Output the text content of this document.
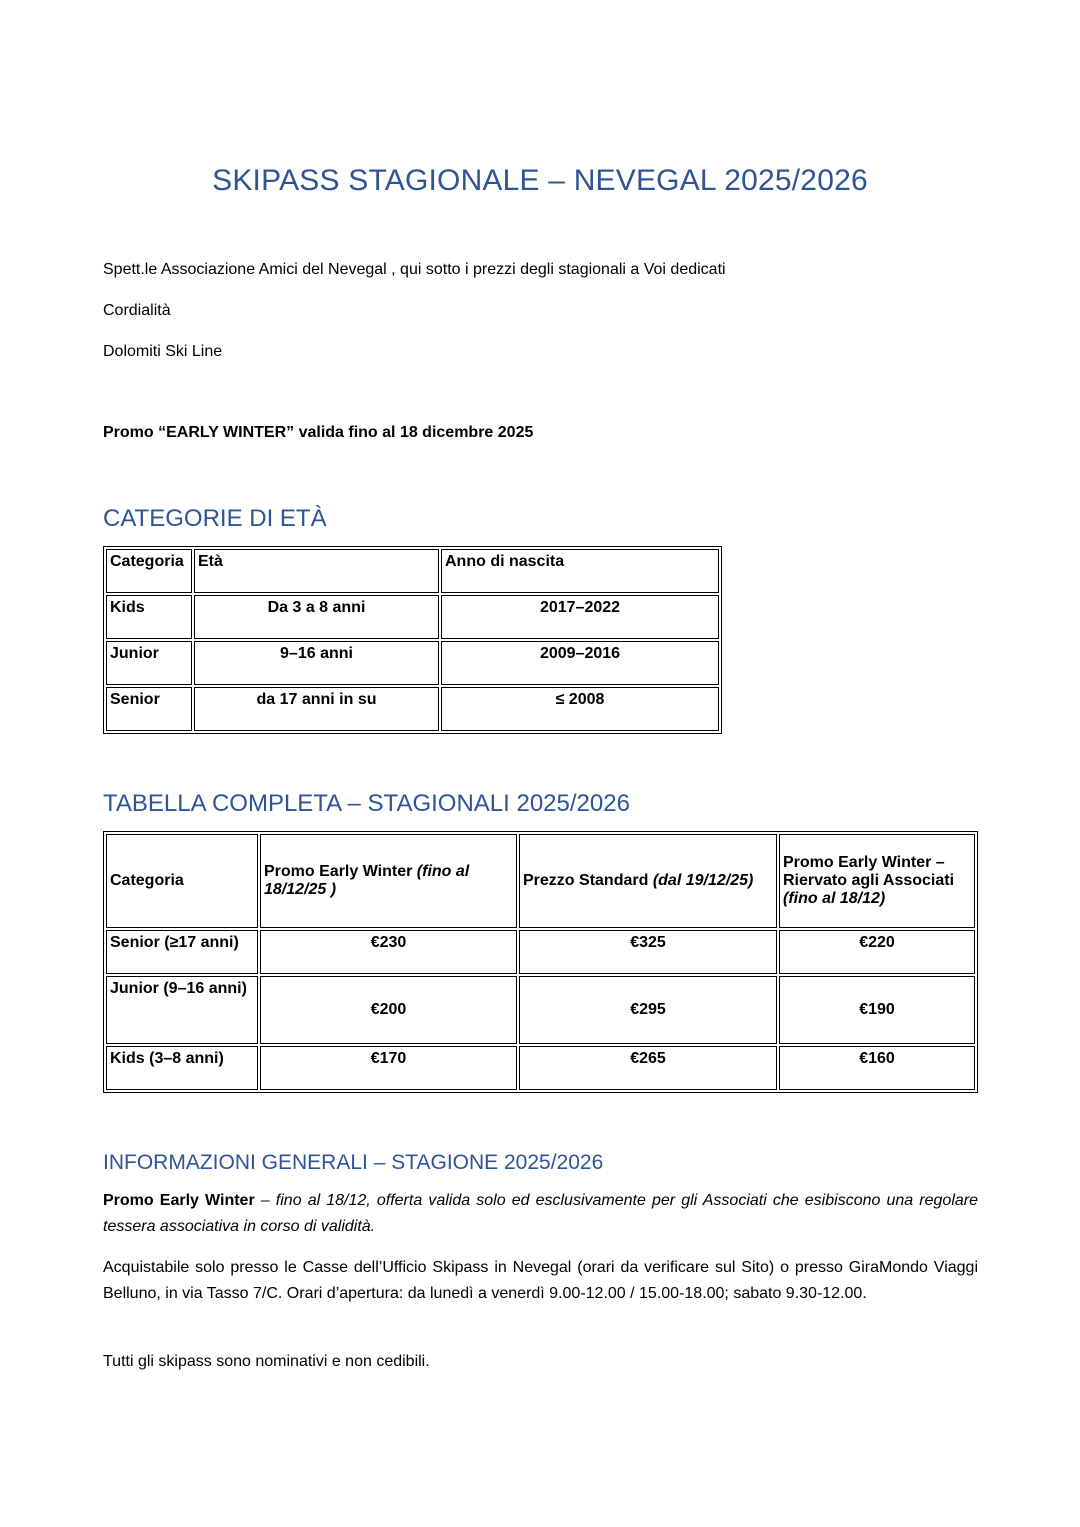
SKIPASS STAGIONALE – NEVEGAL 2025/2026

Spett.le Associazione Amici del Nevegal , qui sotto i prezzi degli stagionali a Voi dedicati

Cordialità

Dolomiti Ski Line

Promo “EARLY WINTER” valida fino al 18 dicembre 2025

CATEGORIE DI ETÀ
Categoria	Età	Anno di nascita
Kids	Da 3 a 8 anni	2017–2022
Junior	9–16 anni	2009–2016
Senior	da 17 anni in su	≤ 2008
TABELLA COMPLETA – STAGIONALI 2025/2026
Categoria	Promo Early Winter (fino al 18/12/25 )	Prezzo Standard (dal 19/12/25)	Promo Early Winter – Riervato agli Associati (fino al 18/12)
Senior (≥17 anni)	€230	€325	€220
Junior (9–16 anni)	€200	€295	€190
Kids (3–8 anni)	€170	€265	€160
INFORMAZIONI GENERALI – STAGIONE 2025/2026

Promo Early Winter – fino al 18/12, offerta valida solo ed esclusivamente per gli Associati che esibiscono una regolare tessera associativa in corso di validità.

Acquistabile solo presso le Casse dell’Ufficio Skipass in Nevegal (orari da verificare sul Sito) o presso GiraMondo Viaggi Belluno, in via Tasso 7/C. Orari d’apertura: da lunedì a venerdì 9.00-12.00 / 15.00-18.00; sabato 9.30-12.00.

Tutti gli skipass sono nominativi e non cedibili.
